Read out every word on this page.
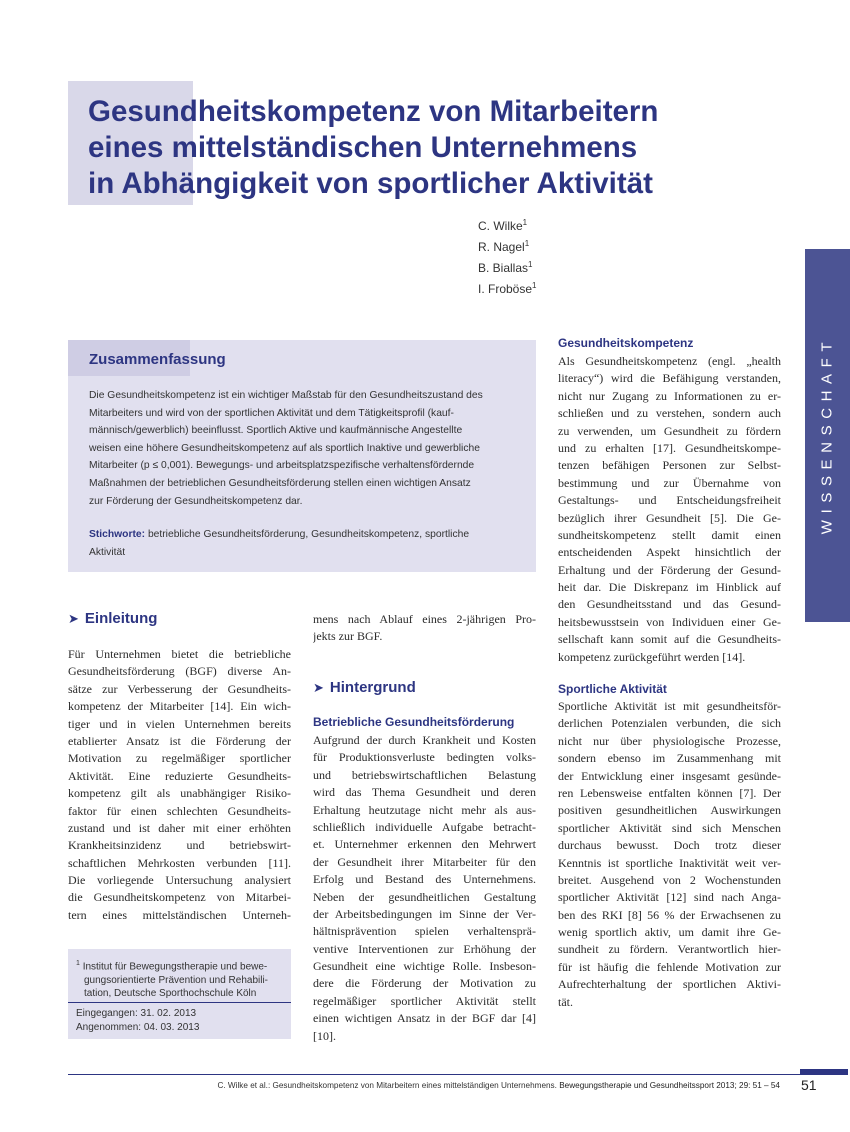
Gesundheitskompetenz von Mitarbeitern
eines mittelständischen Unternehmens
in Abhängigkeit von sportlicher Aktivität
C. Wilke$^1$
R. Nagel$^1$
B. Biallas$^1$
I. Froböse$^1$
WISSENSCHAFT
Zusammenfassung

Die Gesundheitskompetenz ist ein wichtiger Maßstab für den Gesundheitszustand des
Mitarbeiters und wird von der sportlichen Aktivität und dem Tätigkeitsprofil (kauf-
männisch/gewerblich) beeinflusst. Sportlich Aktive und kaufmännische Angestellte
weisen eine höhere Gesundheitskompetenz auf als sportlich Inaktive und gewerbliche
Mitarbeiter (p ≤ 0,001). Bewegungs- und arbeitsplatzspezifische verhaltensfördernde
Maßnahmen der betrieblichen Gesundheitsförderung stellen einen wichtigen Ansatz
zur Förderung der Gesundheitskompetenz dar.

Stichworte: betriebliche Gesundheitsförderung, Gesundheitskompetenz, sportliche
Aktivität

➤ Einleitung
Für Unternehmen bietet die betriebliche
Gesundheitsförderung (BGF) diverse An-
sätze zur Verbesserung der Gesundheits-
kompetenz der Mitarbeiter [14]. Ein wich-
tiger und in vielen Unternehmen bereits
etablierter Ansatz ist die Förderung der
Motivation zu regelmäßiger sportlicher
Aktivität. Eine reduzierte Gesundheits-
kompetenz gilt als unabhängiger Risiko-
faktor für einen schlechten Gesundheits-
zustand und ist daher mit einer erhöhten
Krankheitsinzidenz und betriebswirt-
schaftlichen Mehrkosten verbunden [11].
Die vorliegende Untersuchung analysiert
die Gesundheitskompetenz von Mitarbei-
tern eines mittelständischen Unterneh-
$^1$ Institut für Bewegungstherapie und bewe-
gungsorientierte Prävention und Rehabili-
tation, Deutsche Sporthochschule Köln
Eingegangen: 31. 02. 2013
Angenommen: 04. 03. 2013
mens nach Ablauf eines 2-jährigen Pro-
jekts zur BGF.
➤ Hintergrund
Betriebliche Gesundheitsförderung
Aufgrund der durch Krankheit und Kosten
für Produktionsverluste bedingten volks-
und betriebswirtschaftlichen Belastung
wird das Thema Gesundheit und deren
Erhaltung heutzutage nicht mehr als aus-
schließlich individuelle Aufgabe betracht-
et. Unternehmer erkennen den Mehrwert
der Gesundheit ihrer Mitarbeiter für den
Erfolg und Bestand des Unternehmens.
Neben der gesundheitlichen Gestaltung
der Arbeitsbedingungen im Sinne der Ver-
hältnisprävention spielen verhaltensprä-
ventive Interventionen zur Erhöhung der
Gesundheit eine wichtige Rolle. Insbeson-
dere die Förderung der Motivation zu
regelmäßiger sportlicher Aktivität stellt
einen wichtigen Ansatz in der BGF dar [4]
[10].
Gesundheitskompetenz
Als Gesundheitskompetenz (engl. „health
literacy“) wird die Befähigung verstanden,
nicht nur Zugang zu Informationen zu er-
schließen und zu verstehen, sondern auch
zu verwenden, um Gesundheit zu fördern
und zu erhalten [17]. Gesundheitskompe-
tenzen befähigen Personen zur Selbst-
bestimmung und zur Übernahme von
Gestaltungs- und Entscheidungsfreiheit
bezüglich ihrer Gesundheit [5]. Die Ge-
sundheitskompetenz stellt damit einen
entscheidenden Aspekt hinsichtlich der
Erhaltung und der Förderung der Gesund-
heit dar. Die Diskrepanz im Hinblick auf
den Gesundheitsstand und das Gesund-
heitsbewusstsein von Individuen einer Ge-
sellschaft kann somit auf die Gesundheits-
kompetenz zurückgeführt werden [14].
Sportliche Aktivität
Sportliche Aktivität ist mit gesundheitsför-
derlichen Potenzialen verbunden, die sich
nicht nur über physiologische Prozesse,
sondern ebenso im Zusammenhang mit
der Entwicklung einer insgesamt gesünde-
ren Lebensweise entfalten können [7]. Der
positiven gesundheitlichen Auswirkungen
sportlicher Aktivität sind sich Menschen
durchaus bewusst. Doch trotz dieser
Kenntnis ist sportliche Inaktivität weit ver-
breitet. Ausgehend von 2 Wochenstunden
sportlicher Aktivität [12] sind nach Anga-
ben des RKI [8] 56 % der Erwachsenen zu
wenig sportlich aktiv, um damit ihre Ge-
sundheit zu fördern. Verantwortlich hier-
für ist häufig die fehlende Motivation zur
Aufrechterhaltung der sportlichen Aktivi-
tät.
C. Wilke et al.: Gesundheitskompetenz von Mitarbeitern eines mittelständigen Unternehmens. Bewegungstherapie und Gesundheitssport 2013; 29: 51 – 54 51
